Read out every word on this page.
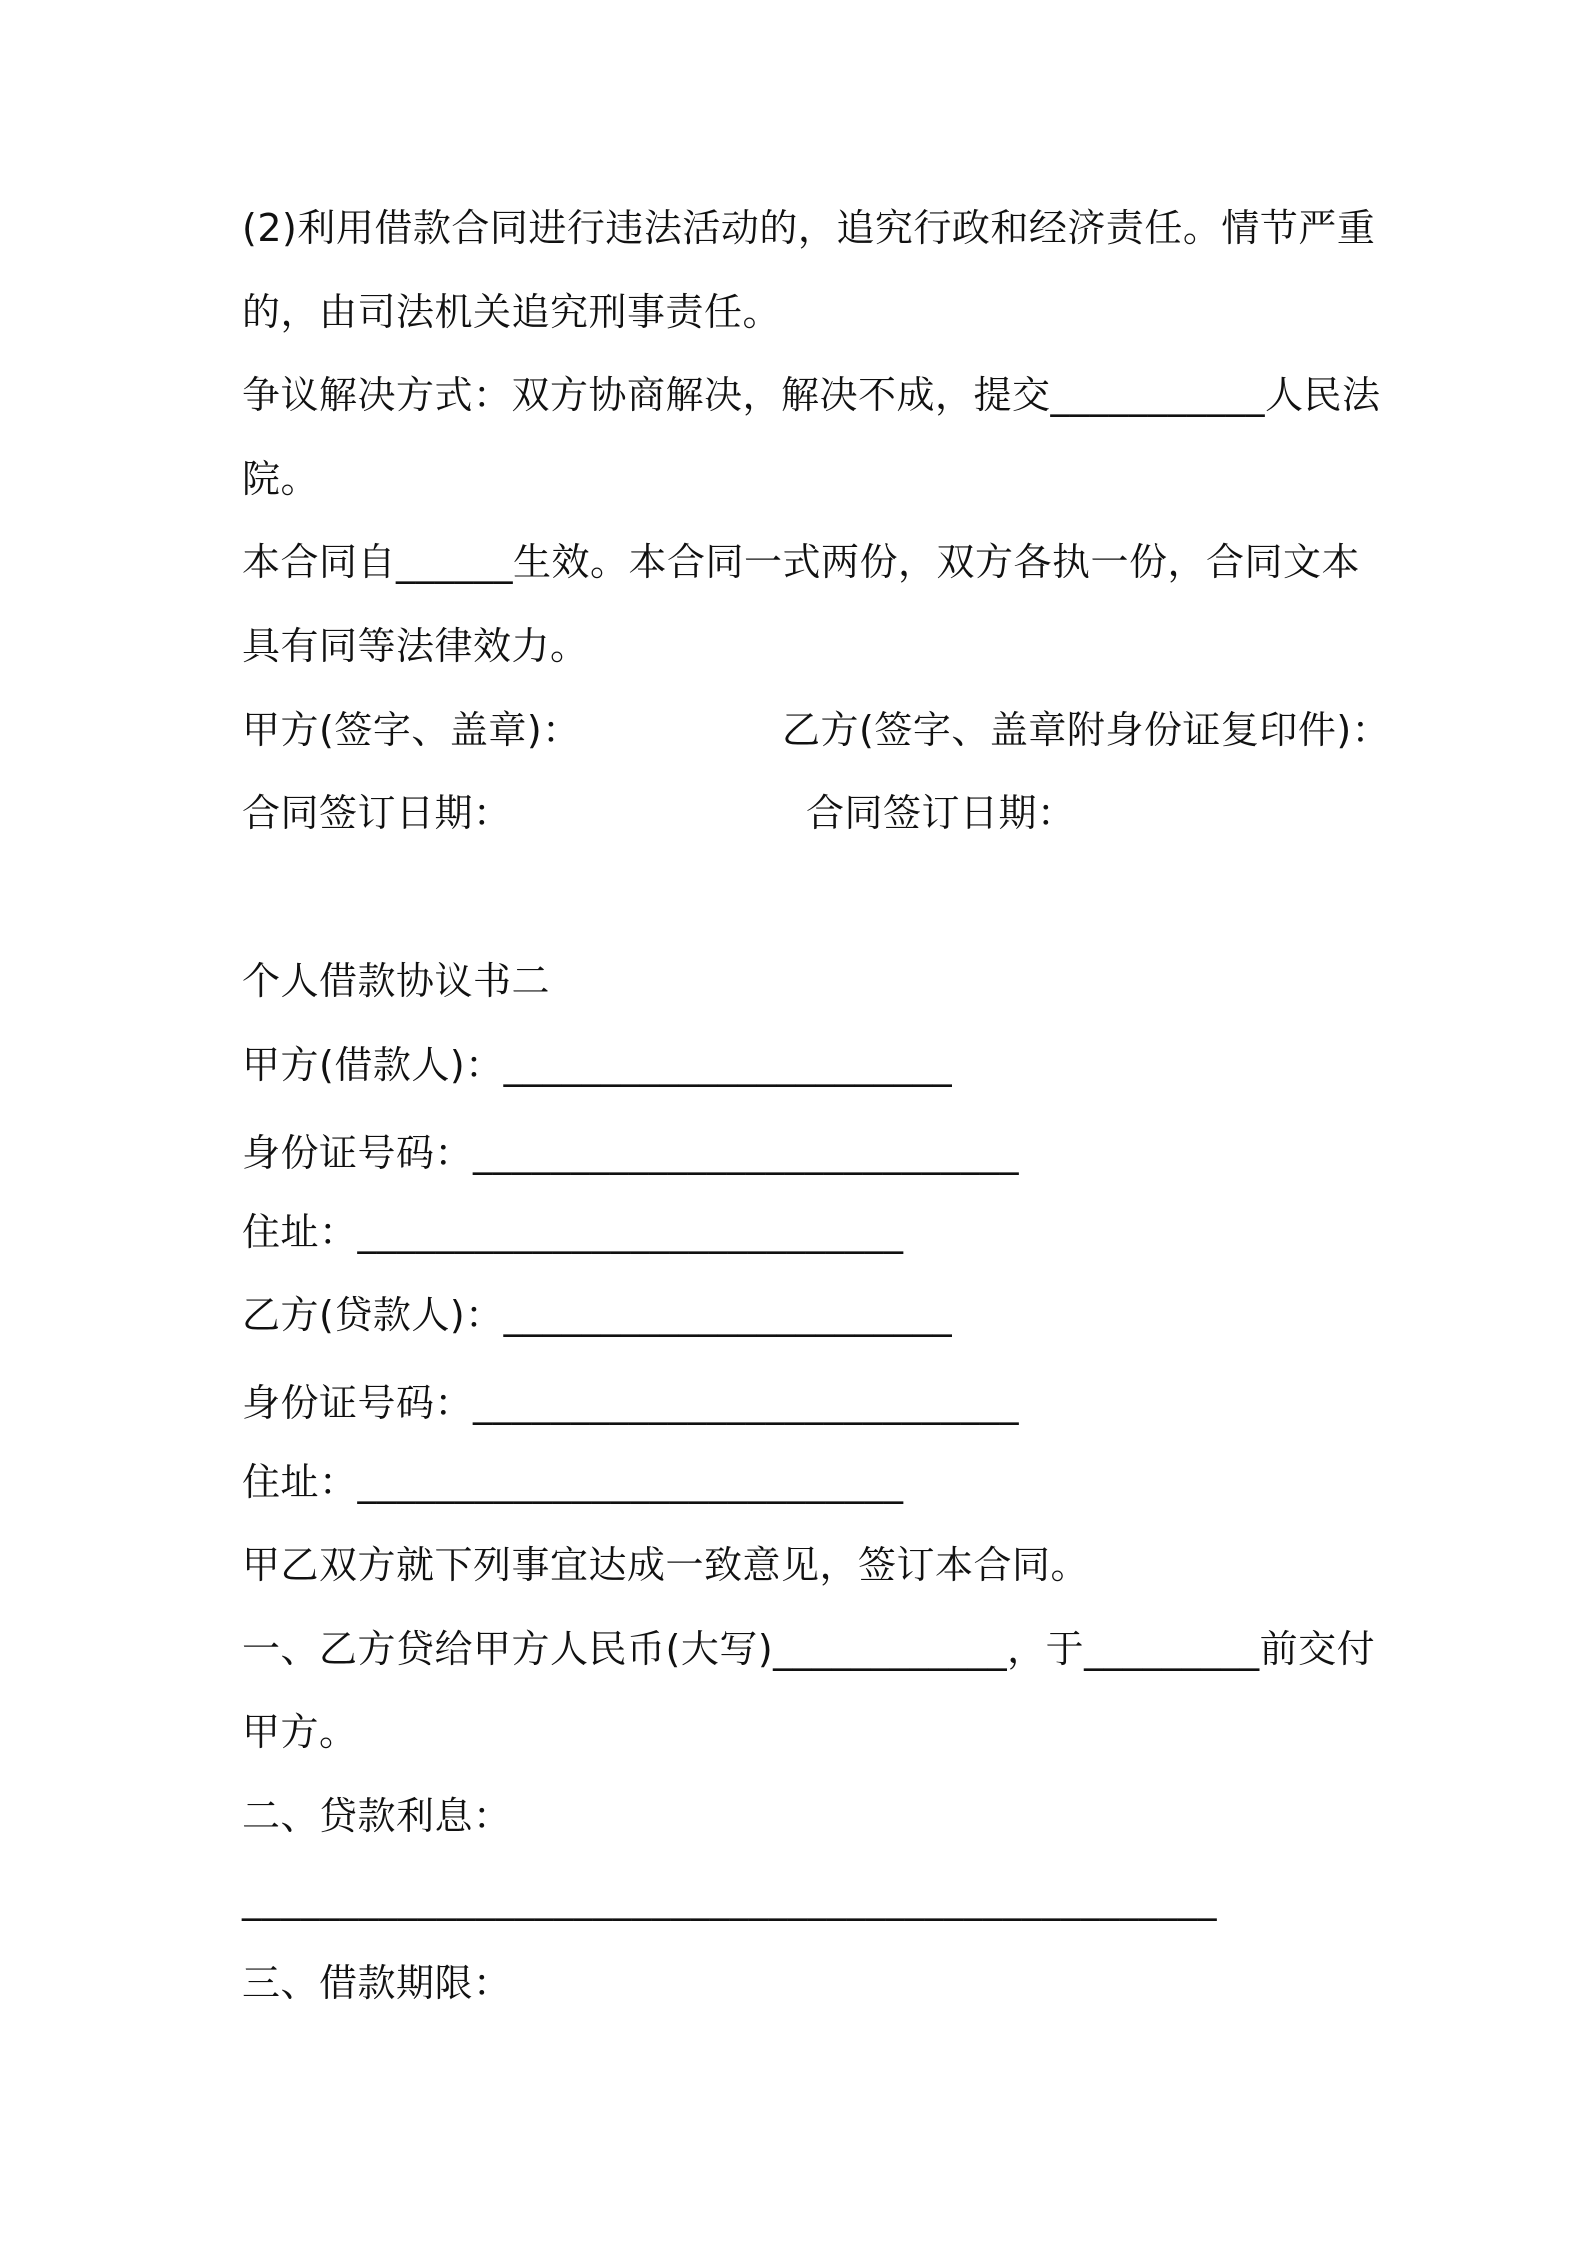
(2)利用借款合同进行违法活动的，追究行政和经济责任。情节严重
的，由司法机关追究刑事责任。
争议解决方式：双方协商解决，解决不成，提交___________人民法
院。
本合同自______生效。本合同一式两份，双方各执一份，合同文本
具有同等法律效力。
甲方(签字、盖章)：	乙方(签字、盖章附身份证复印件)：
合同签订日期：	合同签订日期：
个人借款协议书二
甲方(借款人)：_______________________
身份证号码：____________________________
住址：____________________________
乙方(贷款人)：_______________________
身份证号码：____________________________
住址：____________________________
甲乙双方就下列事宜达成一致意见，签订本合同。
一、乙方贷给甲方人民币(大写)____________，于_________前交付
甲方。
二、贷款利息：
__________________________________________________
三、借款期限：
